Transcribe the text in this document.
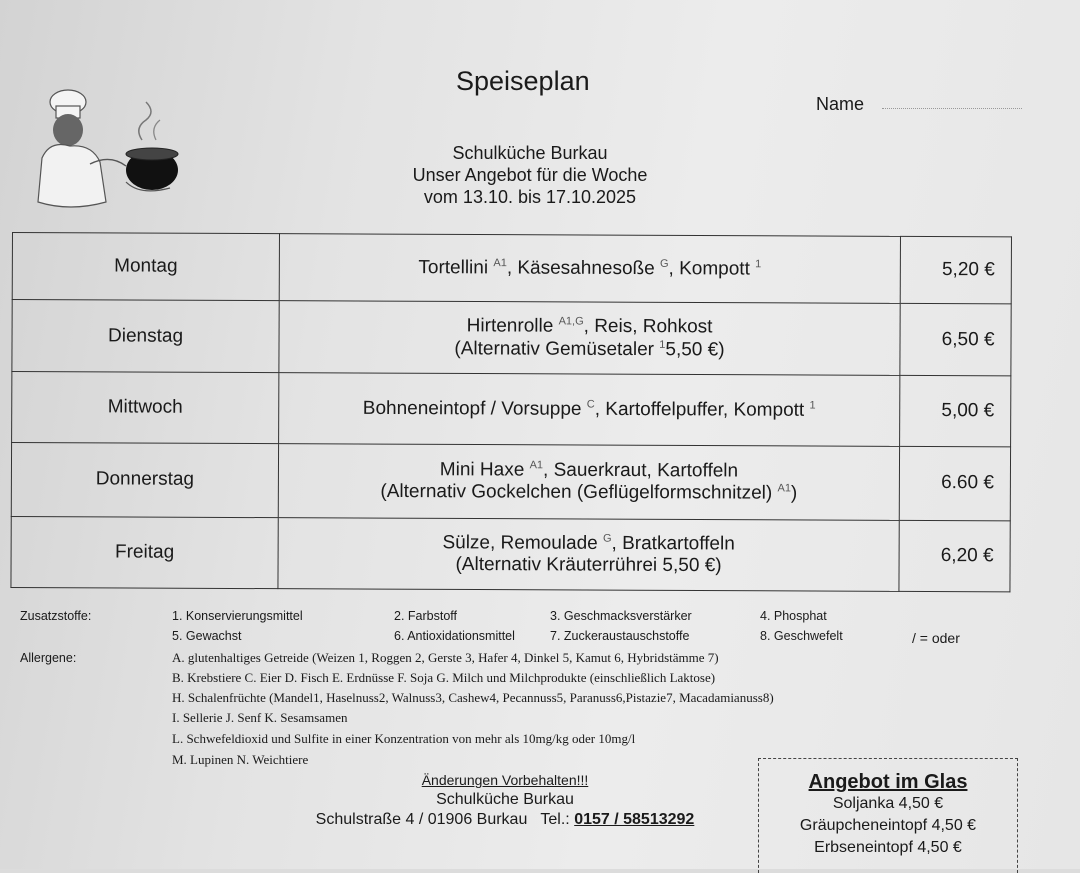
Speiseplan
Name
Schulküche Burkau
Unser Angebot für die Woche
vom 13.10. bis 17.10.2025
Montag	Tortellini $^{A1}$, Käsesahnesoße $^G$, Kompott $^1$	5,20 €
Dienstag	Hirtenrolle $^{A1,G}$, Reis, Rohkost
(Alternativ Gemüsetaler $^1$5,50 €)	6,50 €
Mittwoch	Bohneneintopf / Vorsuppe $^C$, Kartoffelpuffer, Kompott $^1$	5,00 €
Donnerstag	Mini Haxe $^{A1}$, Sauerkraut, Kartoffeln
(Alternativ Gockelchen (Geflügelformschnitzel) $^{A1}$)	6.60 €
Freitag	Sülze, Remoulade $^G$, Bratkartoffeln
(Alternativ Kräuterrührei 5,50 €)	6,20 €
Zusatzstoffe:	1. Konservierungsmittel	2. Farbstoff	3. Geschmacksverstärker	4. Phosphat
5. Gewachst	6. Antioxidationsmittel	7. Zuckeraustauschstoffe	8. Geschwefelt
Allergene:	A. glutenhaltiges Getreide (Weizen 1, Roggen 2, Gerste 3, Hafer 4, Dinkel 5, Kamut 6, Hybridstämme 7)
B. Krebstiere C. Eier D. Fisch E. Erdnüsse F. Soja G. Milch und Milchprodukte (einschließlich Laktose)
H. Schalenfrüchte (Mandel1, Haselnuss2, Walnuss3, Cashew4, Pecannuss5, Paranuss6,Pistazie7, Macadamianuss8)
I. Sellerie J. Senf K. Sesamsamen
L. Schwefeldioxid und Sulfite in einer Konzentration von mehr als 10mg/kg oder 10mg/l
M. Lupinen N. Weichtiere
/ = oder
Änderungen Vorbehalten!!!
Schulküche Burkau
Schulstraße 4 / 01906 Burkau Tel.: 0157 / 58513292
Angebot im Glas
Soljanka 4,50 €
Gräupcheneintopf 4,50 €
Erbseneintopf 4,50 €
